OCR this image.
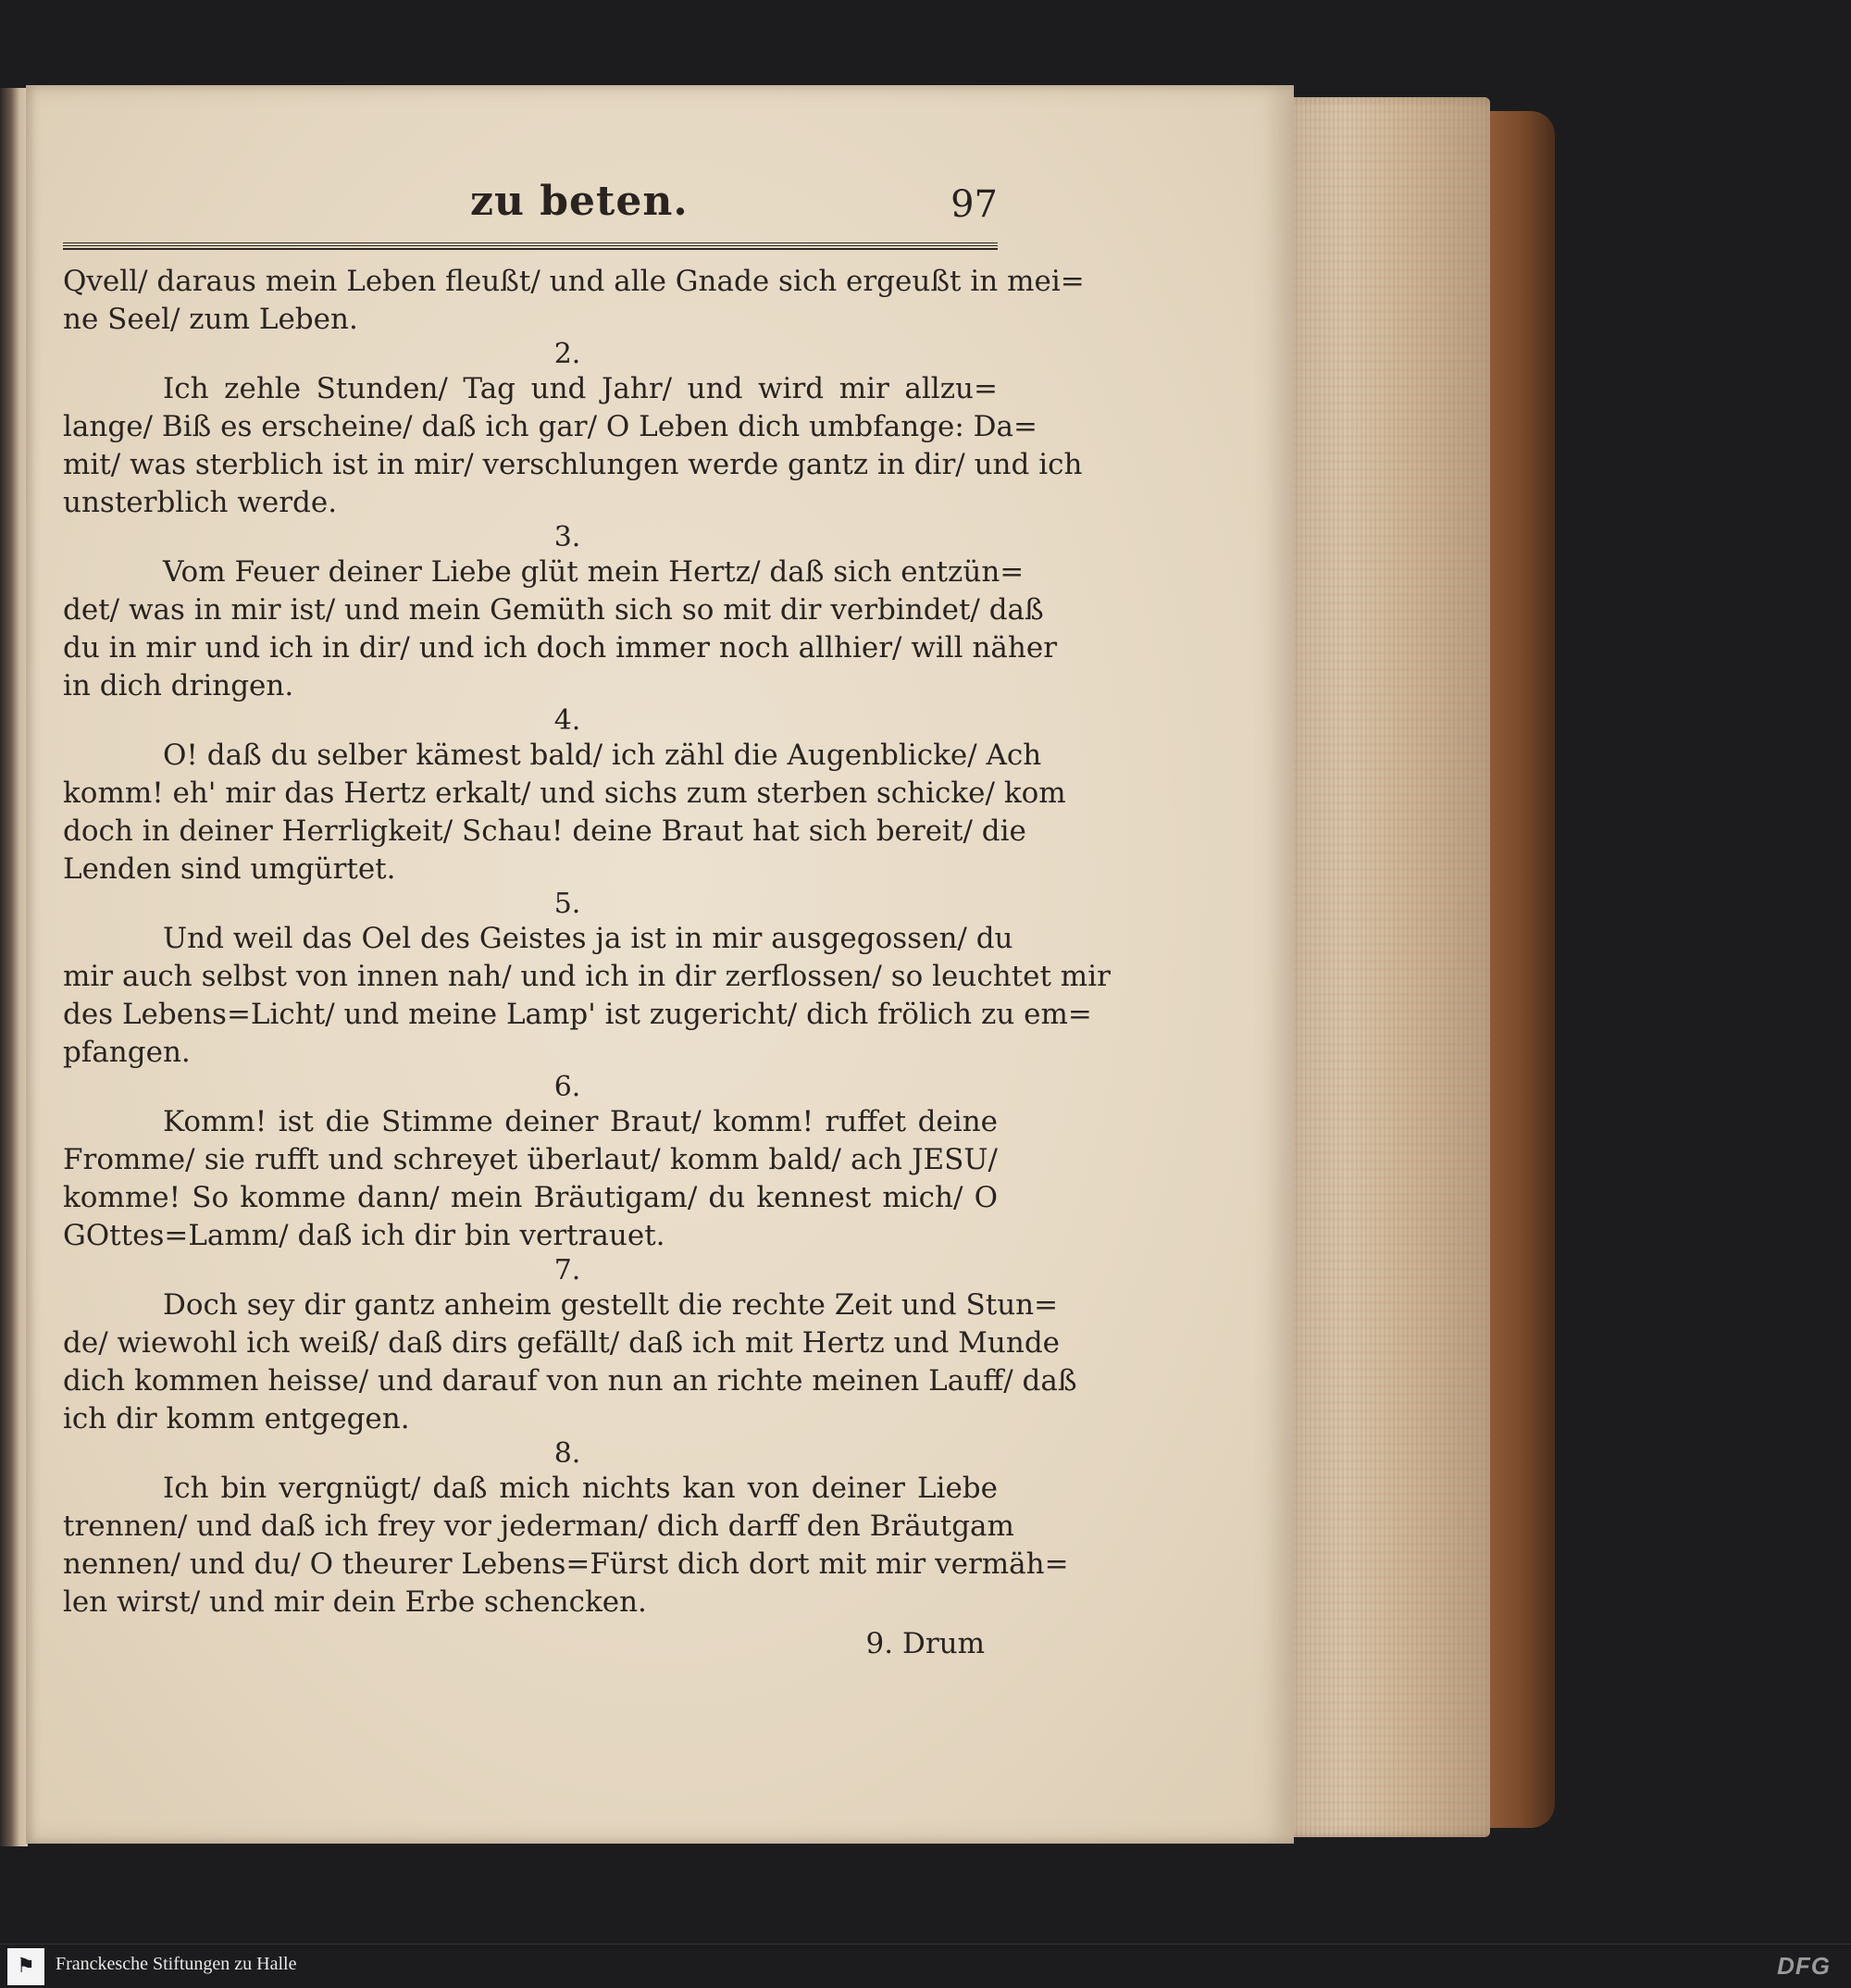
zu beten.	97
Qvell/ daraus mein Leben fleußt/ und alle Gnade sich ergeußt in mei=
ne Seel/ zum Leben.
2.
Ich zehle Stunden/ Tag und Jahr/ und wird mir allzu=
lange/ Biß es erscheine/ daß ich gar/ O Leben dich umbfange: Da=
mit/ was sterblich ist in mir/ verschlungen werde gantz in dir/ und ich
unsterblich werde.
3.
Vom Feuer deiner Liebe glüt mein Hertz/ daß sich entzün=
det/ was in mir ist/ und mein Gemüth sich so mit dir verbindet/ daß
du in mir und ich in dir/ und ich doch immer noch allhier/ will näher
in dich dringen.
4.
O! daß du selber kämest bald/ ich zähl die Augenblicke/ Ach
komm! eh' mir das Hertz erkalt/ und sichs zum sterben schicke/ kom
doch in deiner Herrligkeit/ Schau! deine Braut hat sich bereit/ die
Lenden sind umgürtet.
5.
Und weil das Oel des Geistes ja ist in mir ausgegossen/ du
mir auch selbst von innen nah/ und ich in dir zerflossen/ so leuchtet mir
des Lebens=Licht/ und meine Lamp' ist zugericht/ dich frölich zu em=
pfangen.
6.
Komm! ist die Stimme deiner Braut/ komm! ruffet deine
Fromme/ sie rufft und schreyet überlaut/ komm bald/ ach JESU/
komme! So komme dann/ mein Bräutigam/ du kennest mich/ O
GOttes=Lamm/ daß ich dir bin vertrauet.
7.
Doch sey dir gantz anheim gestellt die rechte Zeit und Stun=
de/ wiewohl ich weiß/ daß dirs gefällt/ daß ich mit Hertz und Munde
dich kommen heisse/ und darauf von nun an richte meinen Lauff/ daß
ich dir komm entgegen.
8.
Ich bin vergnügt/ daß mich nichts kan von deiner Liebe
trennen/ und daß ich frey vor jederman/ dich darff den Bräutgam
nennen/ und du/ O theurer Lebens=Fürst dich dort mit mir vermäh=
len wirst/ und mir dein Erbe schencken.
9. Drum
⚑	Franckesche Stiftungen zu Halle	DFG
